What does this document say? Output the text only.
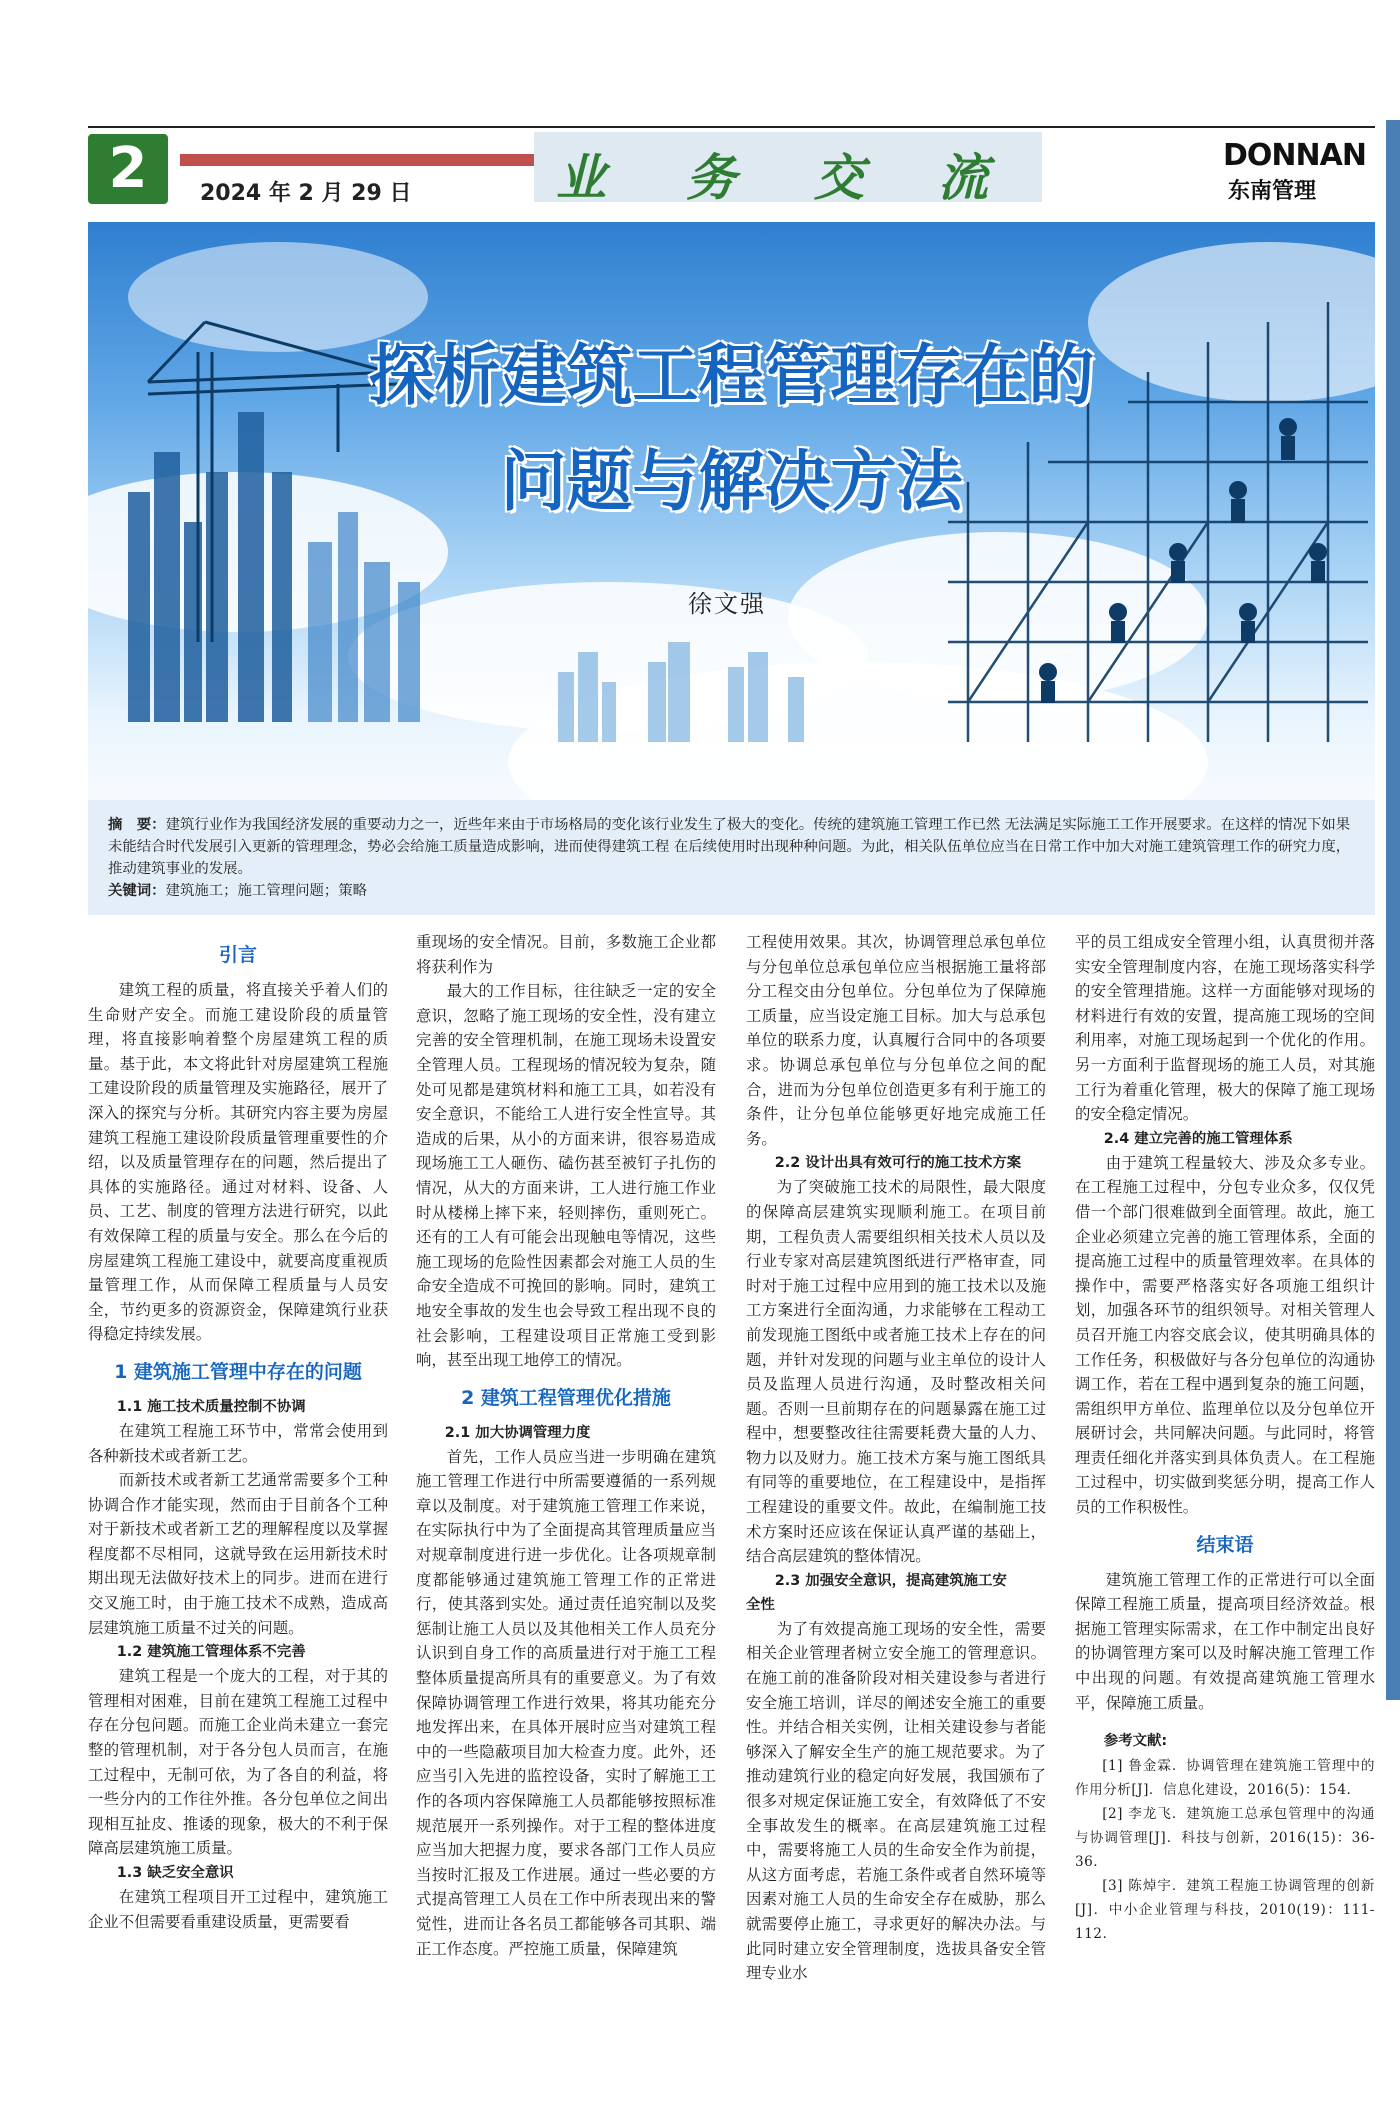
2	2024 年 2 月 29 日	业 务 交 流	DONNAN
东南管理
探析建筑工程管理存在的
问题与解决方法
徐文强
摘　要：建筑行业作为我国经济发展的重要动力之一，近些年来由于市场格局的变化该行业发生了极大的变化。传统的建筑施工管理工作已然 无法满足实际施工工作开展要求。在这样的情况下如果未能结合时代发展引入更新的管理理念，势必会给施工质量造成影响，进而使得建筑工程 在后续使用时出现种种问题。为此，相关队伍单位应当在日常工作中加大对施工建筑管理工作的研究力度，推动建筑事业的发展。
关键词：建筑施工；施工管理问题；策略
引言

建筑工程的质量，将直接关乎着人们的生命财产安全。而施工建设阶段的质量管理，将直接影响着整个房屋建筑工程的质量。基于此，本文将此针对房屋建筑工程施工建设阶段的质量管理及实施路径，展开了深入的探究与分析。其研究内容主要为房屋建筑工程施工建设阶段质量管理重要性的介绍，以及质量管理存在的问题，然后提出了具体的实施路径。通过对材料、设备、人员、工艺、制度的管理方法进行研究，以此有效保障工程的质量与安全。那么在今后的房屋建筑工程施工建设中，就要高度重视质量管理工作，从而保障工程质量与人员安全，节约更多的资源资金，保障建筑行业获得稳定持续发展。

1 建筑施工管理中存在的问题
1.1 施工技术质量控制不协调

在建筑工程施工环节中，常常会使用到各种新技术或者新工艺。

而新技术或者新工艺通常需要多个工种协调合作才能实现，然而由于目前各个工种对于新技术或者新工艺的理解程度以及掌握程度都不尽相同，这就导致在运用新技术时期出现无法做好技术上的同步。进而在进行交叉施工时，由于施工技术不成熟，造成高层建筑施工质量不过关的问题。

1.2 建筑施工管理体系不完善

建筑工程是一个庞大的工程，对于其的管理相对困难，目前在建筑工程施工过程中存在分包问题。而施工企业尚未建立一套完整的管理机制，对于各分包人员而言，在施工过程中，无制可依，为了各自的利益，将一些分内的工作往外推。各分包单位之间出现相互扯皮、推诿的现象，极大的不利于保障高层建筑施工质量。

1.3 缺乏安全意识

在建筑工程项目开工过程中，建筑施工企业不但需要看重建设质量，更需要看

重现场的安全情况。目前，多数施工企业都将获利作为

最大的工作目标，往往缺乏一定的安全意识，忽略了施工现场的安全性，没有建立完善的安全管理机制，在施工现场未设置安全管理人员。工程现场的情况较为复杂，随处可见都是建筑材料和施工工具，如若没有安全意识，不能给工人进行安全性宣导。其造成的后果，从小的方面来讲，很容易造成现场施工工人砸伤、磕伤甚至被钉子扎伤的情况，从大的方面来讲，工人进行施工作业时从楼梯上摔下来，轻则摔伤，重则死亡。还有的工人有可能会出现触电等情况，这些施工现场的危险性因素都会对施工人员的生命安全造成不可挽回的影响。同时，建筑工地安全事故的发生也会导致工程出现不良的社会影响，工程建设项目正常施工受到影响，甚至出现工地停工的情况。

2 建筑工程管理优化措施
2.1 加大协调管理力度

首先，工作人员应当进一步明确在建筑施工管理工作进行中所需要遵循的一系列规章以及制度。对于建筑施工管理工作来说，在实际执行中为了全面提高其管理质量应当对规章制度进行进一步优化。让各项规章制度都能够通过建筑施工管理工作的正常进行，使其落到实处。通过责任追究制以及奖惩制让施工人员以及其他相关工作人员充分认识到自身工作的高质量进行对于施工工程整体质量提高所具有的重要意义。为了有效保障协调管理工作进行效果，将其功能充分地发挥出来，在具体开展时应当对建筑工程中的一些隐蔽项目加大检查力度。此外，还应当引入先进的监控设备，实时了解施工工作的各项内容保障施工人员都能够按照标准规范展开一系列操作。对于工程的整体进度应当加大把握力度，要求各部门工作人员应当按时汇报及工作进展。通过一些必要的方式提高管理工人员在工作中所表现出来的警觉性，进而让各名员工都能够各司其职、端正工作态度。严控施工质量，保障建筑

工程使用效果。其次，协调管理总承包单位与分包单位总承包单位应当根据施工量将部分工程交由分包单位。分包单位为了保障施工质量，应当设定施工目标。加大与总承包单位的联系力度，认真履行合同中的各项要求。协调总承包单位与分包单位之间的配合，进而为分包单位创造更多有利于施工的条件，让分包单位能够更好地完成施工任务。

2.2 设计出具有效可行的施工技术方案

为了突破施工技术的局限性，最大限度的保障高层建筑实现顺利施工。在项目前期，工程负责人需要组织相关技术人员以及行业专家对高层建筑图纸进行严格审查，同时对于施工过程中应用到的施工技术以及施工方案进行全面沟通，力求能够在工程动工前发现施工图纸中或者施工技术上存在的问题，并针对发现的问题与业主单位的设计人员及监理人员进行沟通，及时整改相关问题。否则一旦前期存在的问题暴露在施工过程中，想要整改往往需要耗费大量的人力、物力以及财力。施工技术方案与施工图纸具有同等的重要地位，在工程建设中，是指挥工程建设的重要文件。故此，在编制施工技术方案时还应该在保证认真严谨的基础上，结合高层建筑的整体情况。

2.3 加强安全意识，提高建筑施工安
全性

为了有效提高施工现场的安全性，需要相关企业管理者树立安全施工的管理意识。在施工前的准备阶段对相关建设参与者进行安全施工培训，详尽的阐述安全施工的重要性。并结合相关实例，让相关建设参与者能够深入了解安全生产的施工规范要求。为了推动建筑行业的稳定向好发展，我国颁布了很多对规定保证施工安全，有效降低了不安全事故发生的概率。在高层建筑施工过程中，需要将施工人员的生命安全作为前提，从这方面考虑，若施工条件或者自然环境等因素对施工人员的生命安全存在威胁，那么就需要停止施工，寻求更好的解决办法。与此同时建立安全管理制度，选拔具备安全管理专业水

平的员工组成安全管理小组，认真贯彻并落实安全管理制度内容，在施工现场落实科学的安全管理措施。这样一方面能够对现场的材料进行有效的安置，提高施工现场的空间利用率，对施工现场起到一个优化的作用。另一方面利于监督现场的施工人员，对其施工行为着重化管理，极大的保障了施工现场的安全稳定情况。

2.4 建立完善的施工管理体系

由于建筑工程量较大、涉及众多专业。在工程施工过程中，分包专业众多，仅仅凭借一个部门很难做到全面管理。故此，施工企业必须建立完善的施工管理体系，全面的提高施工过程中的质量管理效率。在具体的操作中，需要严格落实好各项施工组织计划，加强各环节的组织领导。对相关管理人员召开施工内容交底会议，使其明确具体的工作任务，积极做好与各分包单位的沟通协调工作，若在工程中遇到复杂的施工问题，需组织甲方单位、监理单位以及分包单位开展研讨会，共同解决问题。与此同时，将管理责任细化并落实到具体负责人。在工程施工过程中，切实做到奖惩分明，提高工作人员的工作积极性。

结束语

建筑施工管理工作的正常进行可以全面保障工程施工质量，提高项目经济效益。根据施工管理实际需求，在工作中制定出良好的协调管理方案可以及时解决施工管理工作中出现的问题。有效提高建筑施工管理水平，保障施工质量。

参考文献:

[1] 鲁金霖．协调管理在建筑施工管理中的作用分析[J]．信息化建设，2016(5)：154.

[2] 李龙飞．建筑施工总承包管理中的沟通与协调管理[J]．科技与创新，2016(15)：36-36.

[3] 陈焯宇．建筑工程施工协调管理的创新[J]．中小企业管理与科技，2010(19)：111-112.
